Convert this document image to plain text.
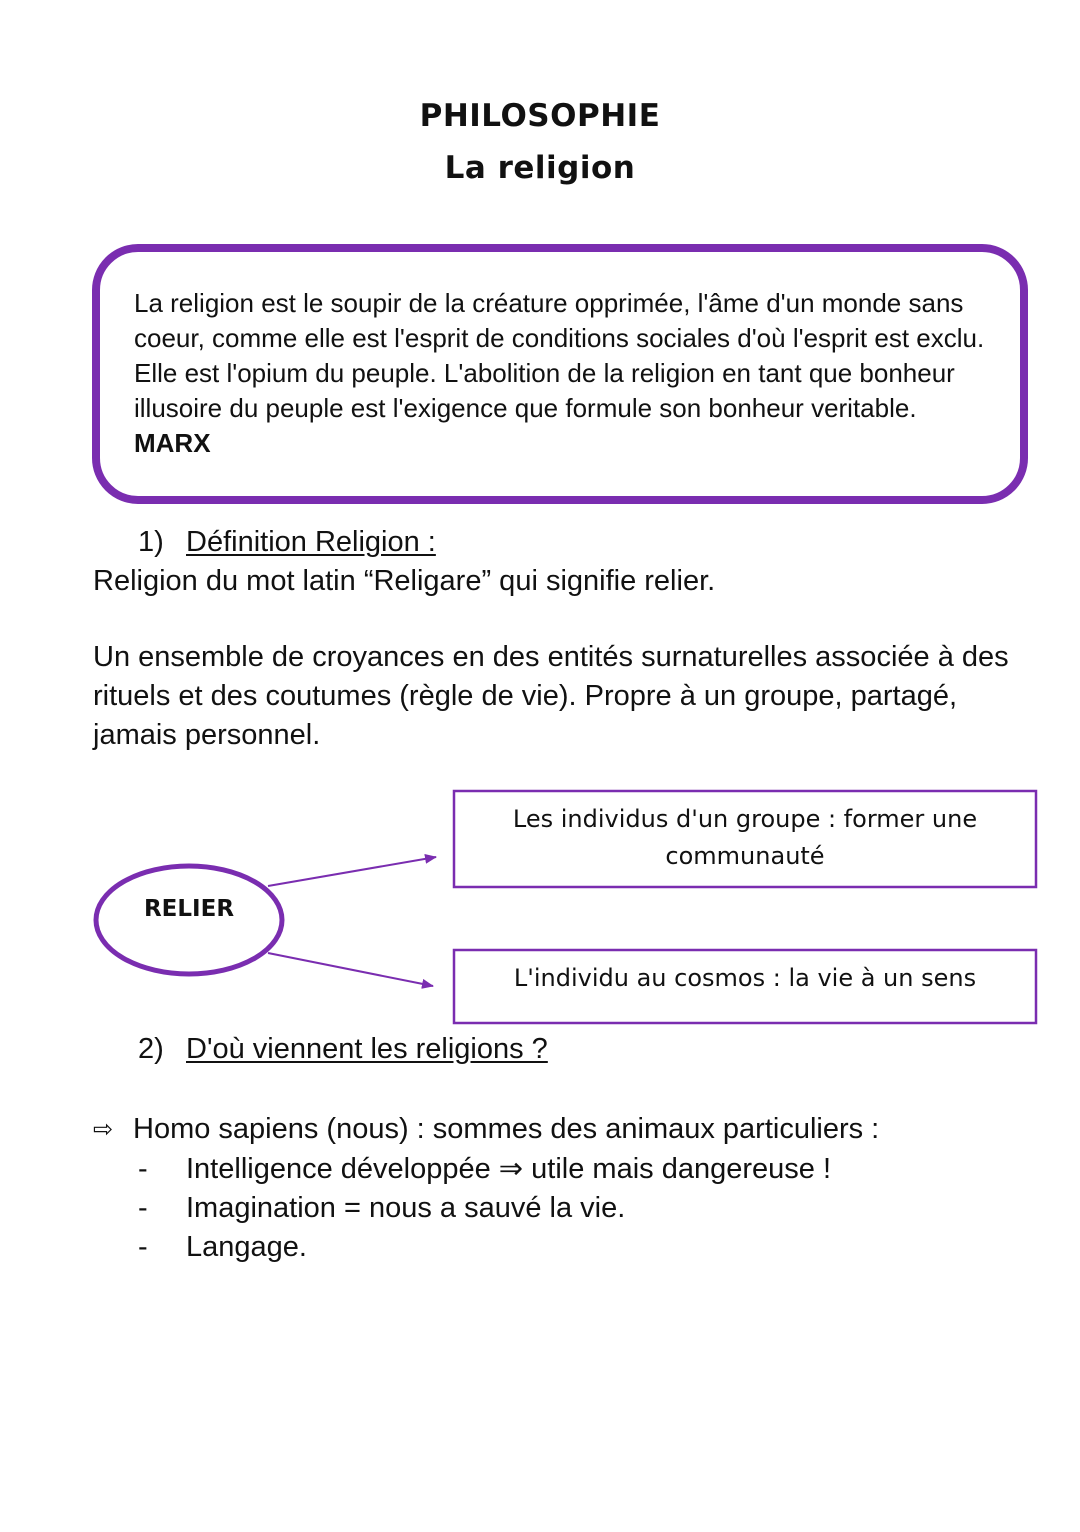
PHILOSOPHIE
La religion
La religion est le soupir de la créature opprimée, l'âme d'un monde sans coeur, comme elle est l'esprit de conditions sociales d'où l'esprit est exclu. Elle est l'opium du peuple. L'abolition de la religion en tant que bonheur illusoire du peuple est l'exigence que formule son bonheur veritable.
MARX
1) Définition Religion :
Religion du mot latin “Religare” qui signifie relier.
Un ensemble de croyances en des entités surnaturelles associée à des rituels et des coutumes (règle de vie). Propre à un groupe, partagé, jamais personnel.
Les individus d'un groupe : former une communauté
L'individu au cosmos : la vie à un sens
RELIER
2) D'où viennent les religions ?
⇨ Homo sapiens (nous) : sommes des animaux particuliers :
- Intelligence développée ⇒ utile mais dangereuse !
- Imagination = nous a sauvé la vie.
- Langage.
